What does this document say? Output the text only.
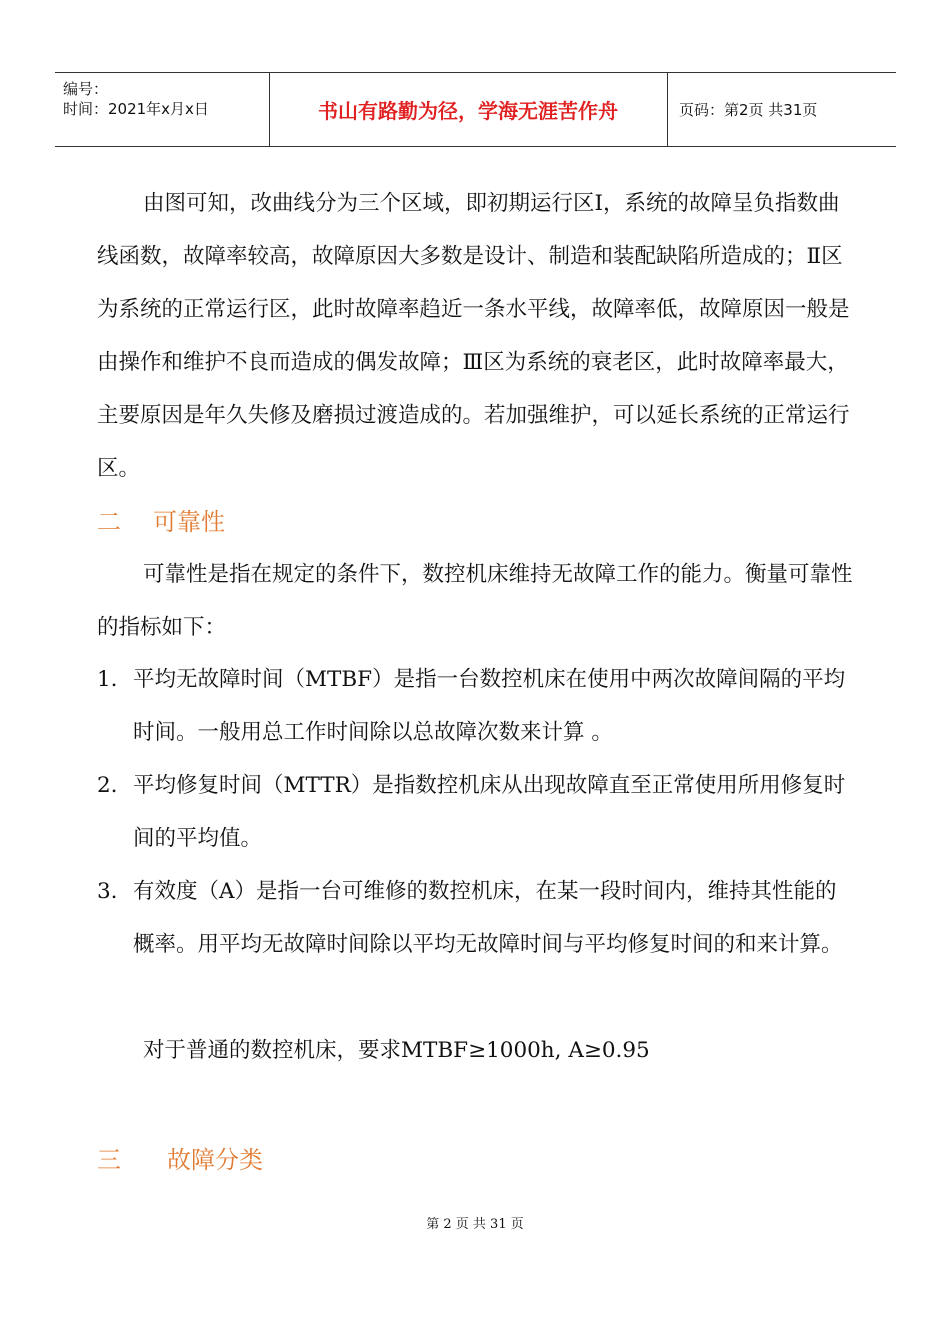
编号：
时间：2021年x月x日	书山有路勤为径，学海无涯苦作舟	页码：第2页 共31页
由图可知，改曲线分为三个区域，即初期运行区Ⅰ，系统的故障呈负指数曲线函数，故障率较高，故障原因大多数是设计、制造和装配缺陷所造成的；Ⅱ区为系统的正常运行区，此时故障率趋近一条水平线，故障率低，故障原因一般是由操作和维护不良而造成的偶发故障；Ⅲ区为系统的衰老区，此时故障率最大，主要原因是年久失修及磨损过渡造成的。若加强维护，可以延长系统的正常运行区。
二 可靠性
可靠性是指在规定的条件下，数控机床维持无故障工作的能力。衡量可靠性的指标如下：
1. 平均无故障时间（MTBF）是指一台数控机床在使用中两次故障间隔的平均时间。一般用总工作时间除以总故障次数来计算 。
2. 平均修复时间（MTTR）是指数控机床从出现故障直至正常使用所用修复时间的平均值。
3. 有效度（A）是指一台可维修的数控机床，在某一段时间内，维持其性能的概率。用平均无故障时间除以平均无故障时间与平均修复时间的和来计算。
对于普通的数控机床，要求MTBF≥1000h, A≥0.95
三 故障分类
第 2 页 共 31 页
